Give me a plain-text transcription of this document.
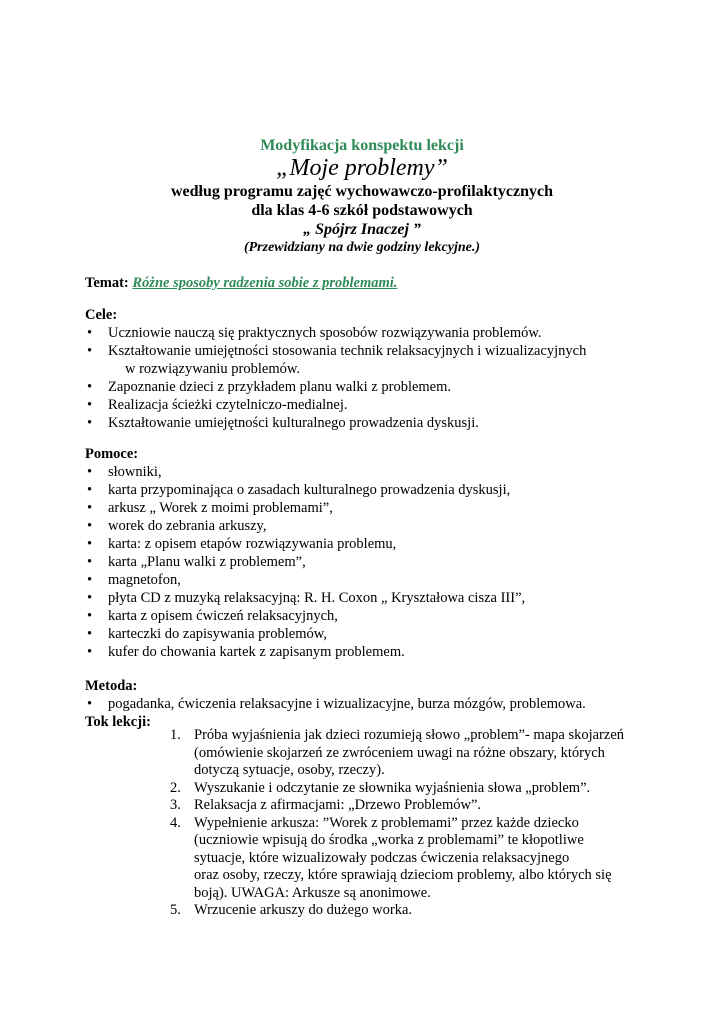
Modyfikacja konspektu lekcji

„Moje problemy”

według programu zajęć wychowawczo-profilaktycznych

dla klas 4-6 szkół podstawowych

„ Spójrz Inaczej ”

(Przewidziany na dwie godziny lekcyjne.)

Temat: Różne sposoby radzenia sobie z problemami.
Cele:
• Uczniowie nauczą się praktycznych sposobów rozwiązywania problemów.
• Kształtowanie umiejętności stosowania technik relaksacyjnych i wizualizacyjnych
w rozwiązywaniu problemów.
• Zapoznanie dzieci z przykładem planu walki z problemem.
• Realizacja ścieżki czytelniczo-medialnej.
• Kształtowanie umiejętności kulturalnego prowadzenia dyskusji.
Pomoce:
• słowniki,
• karta przypominająca o zasadach kulturalnego prowadzenia dyskusji,
• arkusz „ Worek z moimi problemami”,
• worek do zebrania arkuszy,
• karta: z opisem etapów rozwiązywania problemu,
• karta „Planu walki z problemem”,
• magnetofon,
• płyta CD z muzyką relaksacyjną: R. H. Coxon „ Kryształowa cisza III”,
• karta z opisem ćwiczeń relaksacyjnych,
• karteczki do zapisywania problemów,
• kufer do chowania kartek z zapisanym problemem.
Metoda:
• pogadanka, ćwiczenia relaksacyjne i wizualizacyjne, burza mózgów, problemowa.
Tok lekcji:
1. Próba wyjaśnienia jak dzieci rozumieją słowo „problem”- mapa skojarzeń
(omówienie skojarzeń ze zwróceniem uwagi na różne obszary, których
dotyczą sytuacje, osoby, rzeczy).
2. Wyszukanie i odczytanie ze słownika wyjaśnienia słowa „problem”.
3. Relaksacja z afirmacjami: „Drzewo Problemów”.
4. Wypełnienie arkusza: ”Worek z problemami” przez każde dziecko
(uczniowie wpisują do środka „worka z problemami” te kłopotliwe
sytuacje, które wizualizowały podczas ćwiczenia relaksacyjnego
oraz osoby, rzeczy, które sprawiają dzieciom problemy, albo których się
boją). UWAGA: Arkusze są anonimowe.
5. Wrzucenie arkuszy do dużego worka.
